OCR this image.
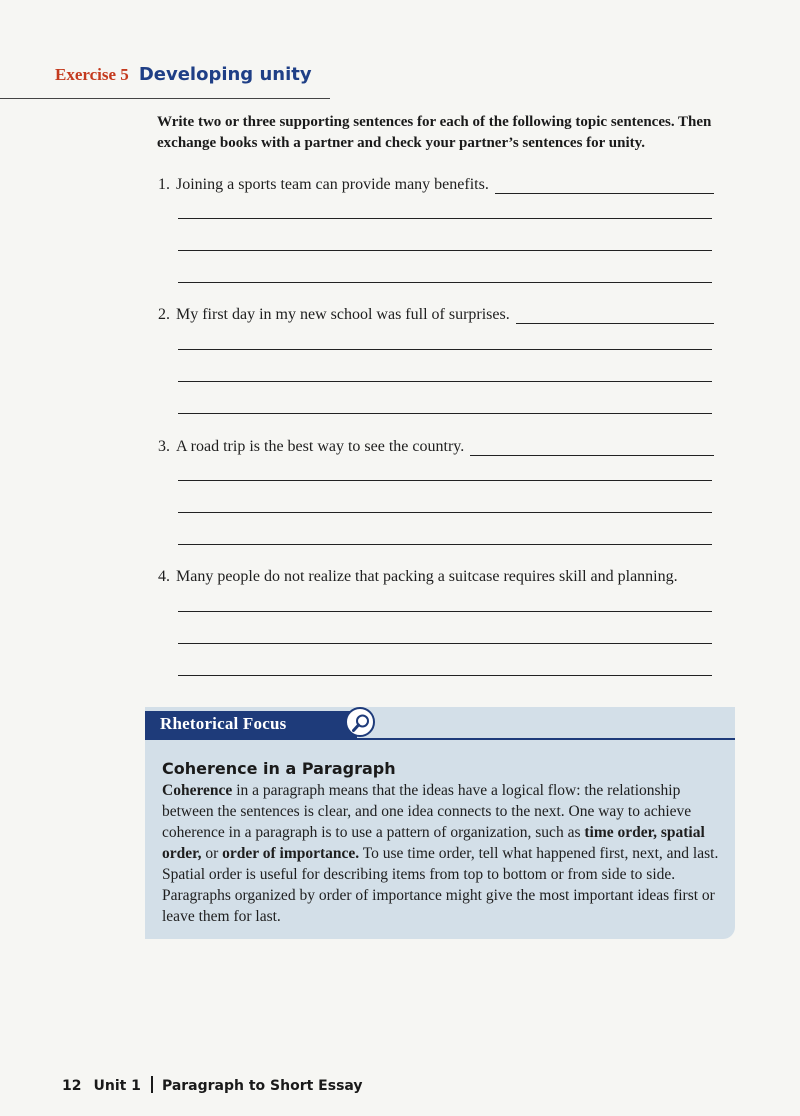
Exercise 5 Developing unity
Write two or three supporting sentences for each of the following topic sentences. Then exchange books with a partner and check your partner’s sentences for unity.
1. Joining a sports team can provide many benefits.
2. My first day in my new school was full of surprises.
3. A road trip is the best way to see the country.
4. Many people do not realize that packing a suitcase requires skill and planning.
Rhetorical Focus
Coherence in a Paragraph
Coherence in a paragraph means that the ideas have a logical flow: the relationship between the sentences is clear, and one idea connects to the next. One way to achieve coherence in a paragraph is to use a pattern of organization, such as time order, spatial order, or order of importance. To use time order, tell what happened first, next, and last. Spatial order is useful for describing items from top to bottom or from side to side. Paragraphs organized by order of importance might give the most important ideas first or leave them for last.
12 Unit 1 Paragraph to Short Essay
